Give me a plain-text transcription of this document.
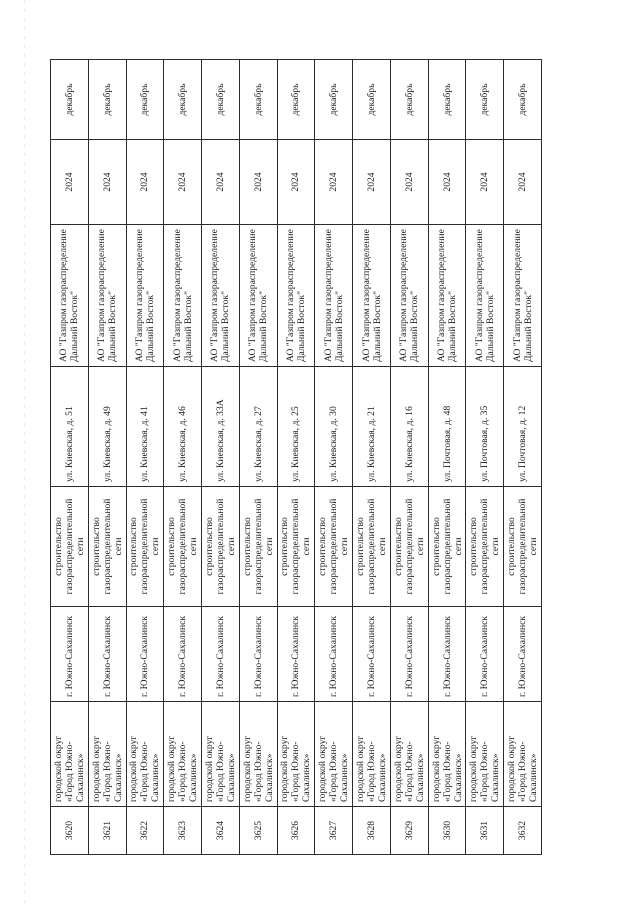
3620	городской округ «Город Южно-Сахалинск»	г. Южно-Сахалинск	строительство газораспределительной сети	ул. Киевская, д. 51	АО "Газпром газораспределение Дальний Восток"	2024	декабрь
3621	городской округ «Город Южно-Сахалинск»	г. Южно-Сахалинск	строительство газораспределительной сети	ул. Киевская, д. 49	АО "Газпром газораспределение Дальний Восток"	2024	декабрь
3622	городской округ «Город Южно-Сахалинск»	г. Южно-Сахалинск	строительство газораспределительной сети	ул. Киевская, д. 41	АО "Газпром газораспределение Дальний Восток"	2024	декабрь
3623	городской округ «Город Южно-Сахалинск»	г. Южно-Сахалинск	строительство газораспределительной сети	ул. Киевская, д. 46	АО "Газпром газораспределение Дальний Восток"	2024	декабрь
3624	городской округ «Город Южно-Сахалинск»	г. Южно-Сахалинск	строительство газораспределительной сети	ул. Киевская, д. 33А	АО "Газпром газораспределение Дальний Восток"	2024	декабрь
3625	городской округ «Город Южно-Сахалинск»	г. Южно-Сахалинск	строительство газораспределительной сети	ул. Киевская, д. 27	АО "Газпром газораспределение Дальний Восток"	2024	декабрь
3626	городской округ «Город Южно-Сахалинск»	г. Южно-Сахалинск	строительство газораспределительной сети	ул. Киевская, д. 25	АО "Газпром газораспределение Дальний Восток"	2024	декабрь
3627	городской округ «Город Южно-Сахалинск»	г. Южно-Сахалинск	строительство газораспределительной сети	ул. Киевская, д. 30	АО "Газпром газораспределение Дальний Восток"	2024	декабрь
3628	городской округ «Город Южно-Сахалинск»	г. Южно-Сахалинск	строительство газораспределительной сети	ул. Киевская, д. 21	АО "Газпром газораспределение Дальний Восток"	2024	декабрь
3629	городской округ «Город Южно-Сахалинск»	г. Южно-Сахалинск	строительство газораспределительной сети	ул. Киевская, д. 16	АО "Газпром газораспределение Дальний Восток"	2024	декабрь
3630	городской округ «Город Южно-Сахалинск»	г. Южно-Сахалинск	строительство газораспределительной сети	ул. Почтовая, д. 48	АО "Газпром газораспределение Дальний Восток"	2024	декабрь
3631	городской округ «Город Южно-Сахалинск»	г. Южно-Сахалинск	строительство газораспределительной сети	ул. Почтовая, д. 35	АО "Газпром газораспределение Дальний Восток"	2024	декабрь
3632	городской округ «Город Южно-Сахалинск»	г. Южно-Сахалинск	строительство газораспределительной сети	ул. Почтовая, д. 12	АО "Газпром газораспределение Дальний Восток"	2024	декабрь
